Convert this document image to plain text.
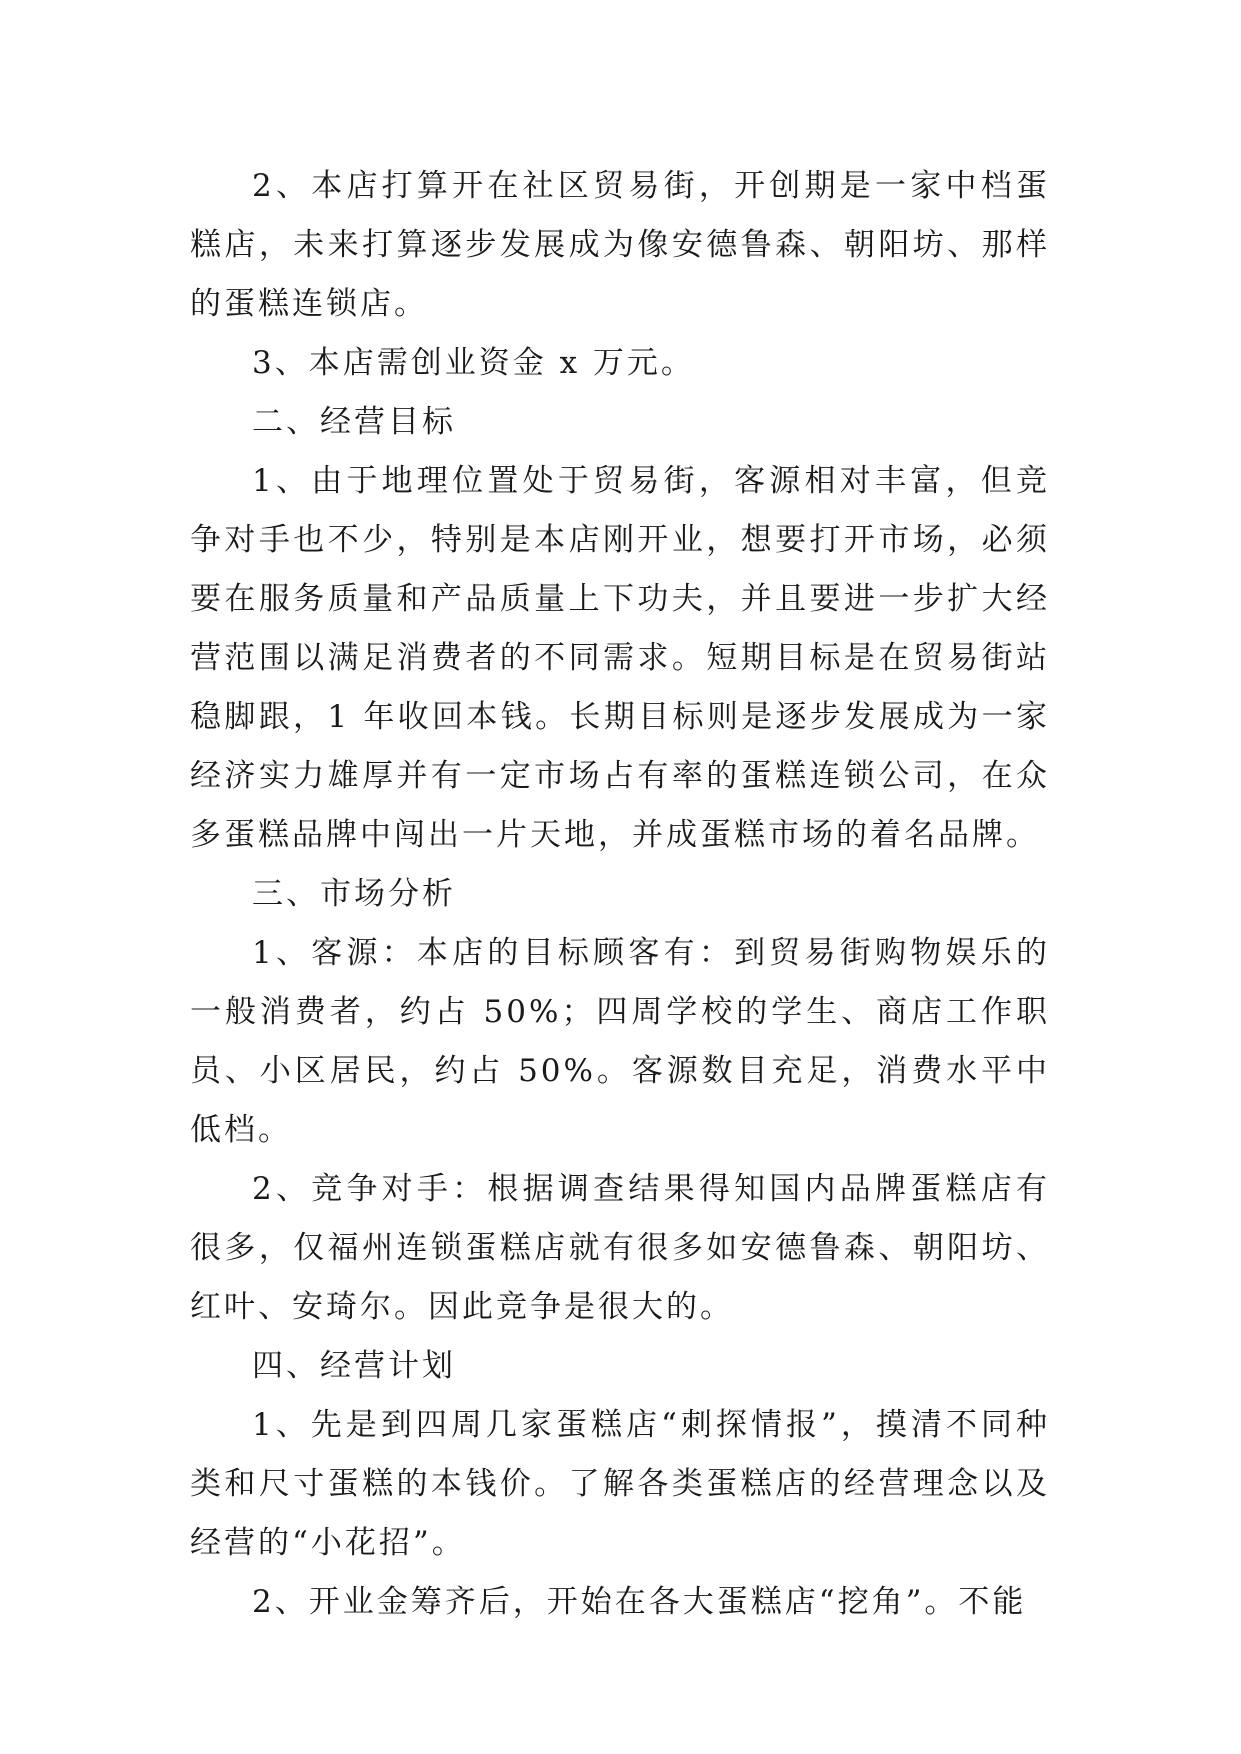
2、本店打算开在社区贸易街，开创期是一家中档蛋糕店，未来打算逐步发展成为像安德鲁森、朝阳坊、那样的蛋糕连锁店。

3、本店需创业资金 x 万元。

二、经营目标

1、由于地理位置处于贸易街，客源相对丰富，但竞争对手也不少，特别是本店刚开业，想要打开市场，必须要在服务质量和产品质量上下功夫，并且要进一步扩大经营范围以满足消费者的不同需求。短期目标是在贸易街站稳脚跟，1 年收回本钱。长期目标则是逐步发展成为一家经济实力雄厚并有一定市场占有率的蛋糕连锁公司，在众多蛋糕品牌中闯出一片天地，并成蛋糕市场的着名品牌。

三、市场分析

1、客源：本店的目标顾客有：到贸易街购物娱乐的一般消费者，约占 50%；四周学校的学生、商店工作职员、小区居民，约占 50%。客源数目充足，消费水平中低档。

2、竞争对手：根据调查结果得知国内品牌蛋糕店有很多，仅福州连锁蛋糕店就有很多如安德鲁森、朝阳坊、红叶、安琦尔。因此竞争是很大的。

四、经营计划

1、先是到四周几家蛋糕店“刺探情报”，摸清不同种类和尺寸蛋糕的本钱价。了解各类蛋糕店的经营理念以及经营的“小花招”。

2、开业金筹齐后，开始在各大蛋糕店“挖角”。不能
